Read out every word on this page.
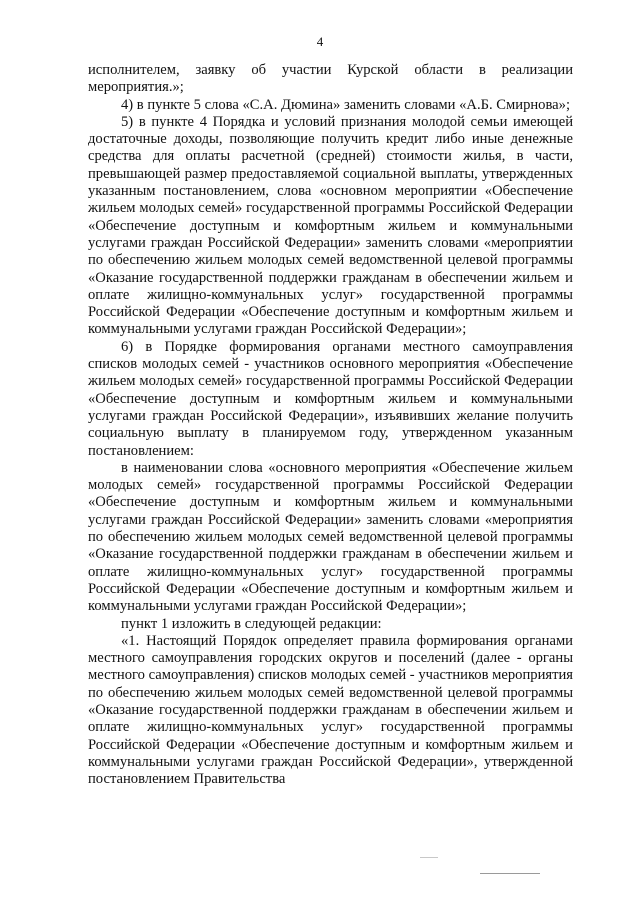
4

исполнителем, заявку об участии Курской области в реализации мероприятия.»;

4) в пункте 5 слова «С.А. Дюмина» заменить словами «А.Б. Смирнова»;

5) в пункте 4 Порядка и условий признания молодой семьи имеющей достаточные доходы, позволяющие получить кредит либо иные денежные средства для оплаты расчетной (средней) стоимости жилья, в части, превышающей размер предоставляемой социальной выплаты, утвержденных указанным постановлением, слова «основном мероприятии «Обеспечение жильем молодых семей» государственной программы Российской Федерации «Обеспечение доступным и комфортным жильем и коммунальными услугами граждан Российской Федерации» заменить словами «мероприятии по обеспечению жильем молодых семей ведомственной целевой программы «Оказание государственной поддержки гражданам в обеспечении жильем и оплате жилищно-коммунальных услуг» государственной программы Российской Федерации «Обеспечение доступным и комфортным жильем и коммунальными услугами граждан Российской Федерации»;

6) в Порядке формирования органами местного самоуправления списков молодых семей - участников основного мероприятия «Обеспечение жильем молодых семей» государственной программы Российской Федерации «Обеспечение доступным и комфортным жильем и коммунальными услугами граждан Российской Федерации», изъявивших желание получить социальную выплату в планируемом году, утвержденном указанным постановлением:

в наименовании слова «основного мероприятия «Обеспечение жильем молодых семей» государственной программы Российской Федерации «Обеспечение доступным и комфортным жильем и коммунальными услугами граждан Российской Федерации» заменить словами «мероприятия по обеспечению жильем молодых семей ведомственной целевой программы «Оказание государственной поддержки гражданам в обеспечении жильем и оплате жилищно-коммунальных услуг» государственной программы Российской Федерации «Обеспечение доступным и комфортным жильем и коммунальными услугами граждан Российской Федерации»;

пункт 1 изложить в следующей редакции:

«1. Настоящий Порядок определяет правила формирования органами местного самоуправления городских округов и поселений (далее - органы местного самоуправления) списков молодых семей - участников мероприятия по обеспечению жильем молодых семей ведомственной целевой программы «Оказание государственной поддержки гражданам в обеспечении жильем и оплате жилищно-коммунальных услуг» государственной программы Российской Федерации «Обеспечение доступным и комфортным жильем и коммунальными услугами граждан Российской Федерации», утвержденной постановлением Правительства
